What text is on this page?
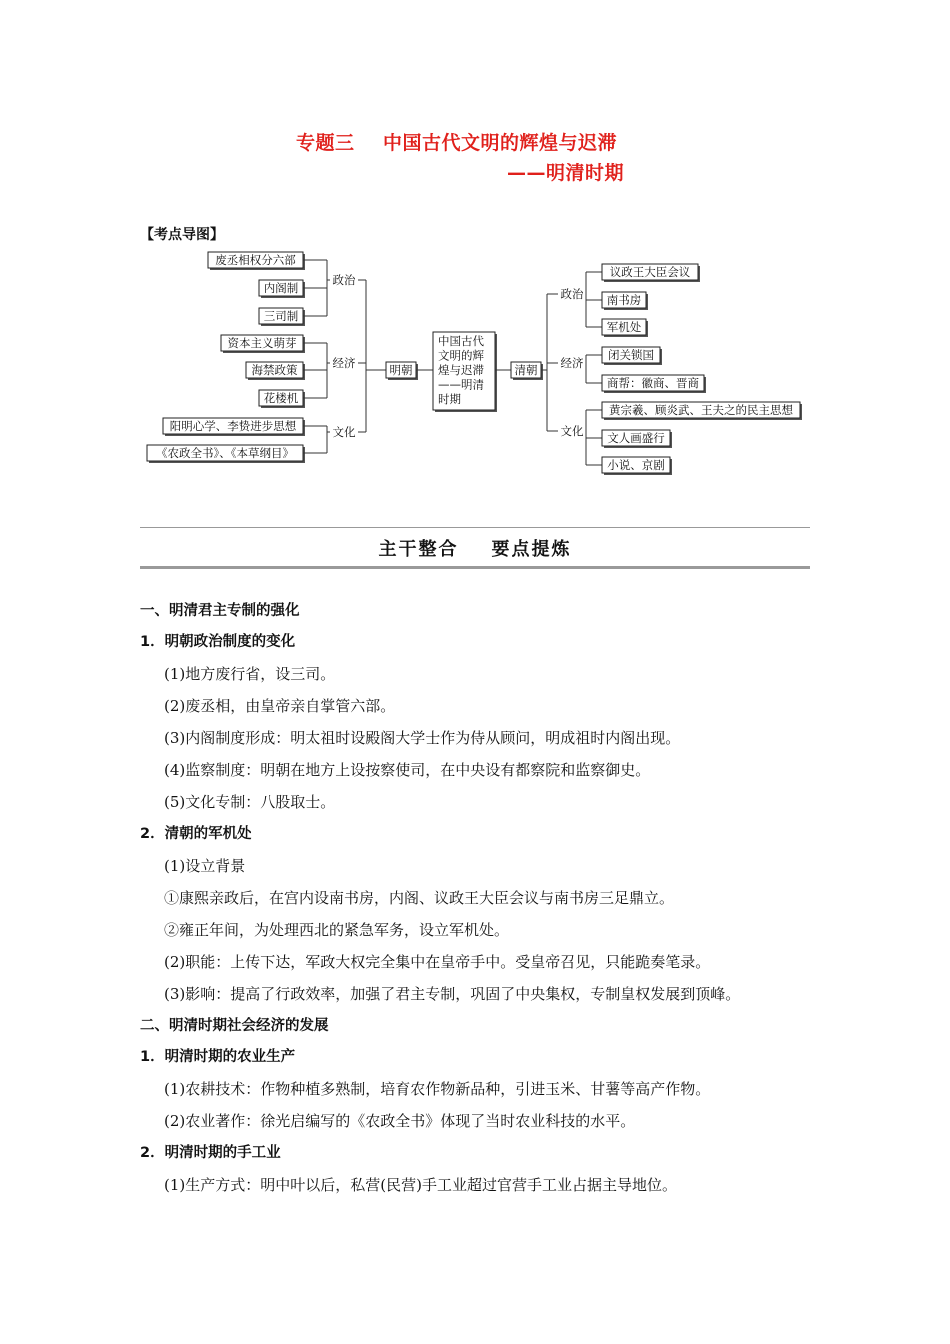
专题三    中国古代文明的辉煌与迟滞
——明清时期
【考点导图】
废丞相权分六部
内阁制
三司制
政治
资本主义萌芽
海禁政策
花楼机
经济
阳明心学、李贽进步思想
《农政全书》、《本草纲目》
文化
明朝
中国古代
文明的辉
煌与迟滞
——明清
时期
清朝
政治
议政王大臣会议
南书房
军机处
经济
闭关锁国
商帮：徽商、晋商
文化
黄宗羲、顾炎武、王夫之的民主思想
文人画盛行
小说、京剧
主干整合    要点提炼
一、明清君主专制的强化
1．明朝政治制度的变化
(1)地方废行省，设三司。
(2)废丞相，由皇帝亲自掌管六部。
(3)内阁制度形成：明太祖时设殿阁大学士作为侍从顾问，明成祖时内阁出现。
(4)监察制度：明朝在地方上设按察使司，在中央设有都察院和监察御史。
(5)文化专制：八股取士。
2．清朝的军机处
(1)设立背景
①康熙亲政后，在宫内设南书房，内阁、议政王大臣会议与南书房三足鼎立。
②雍正年间，为处理西北的紧急军务，设立军机处。
(2)职能：上传下达，军政大权完全集中在皇帝手中。受皇帝召见，只能跪奏笔录。
(3)影响：提高了行政效率，加强了君主专制，巩固了中央集权，专制皇权发展到顶峰。
二、明清时期社会经济的发展
1．明清时期的农业生产
(1)农耕技术：作物种植多熟制，培育农作物新品种，引进玉米、甘薯等高产作物。
(2)农业著作：徐光启编写的《农政全书》体现了当时农业科技的水平。
2．明清时期的手工业
(1)生产方式：明中叶以后，私营(民营)手工业超过官营手工业占据主导地位。
